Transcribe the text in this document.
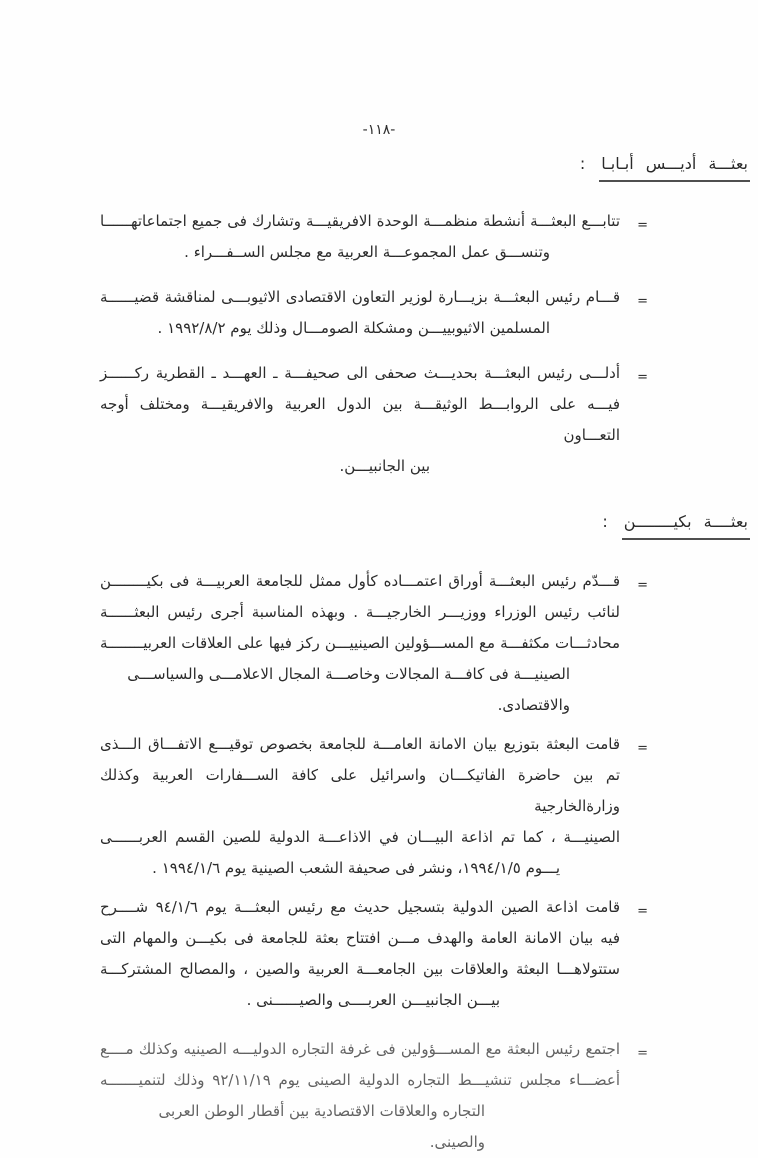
-١١٨-
بعثـــة أديـــس أبـابـا:
=
تتابـــع البعثـــة أنشطة منظمـــة الوحدة الافريقيـــة وتشارك فى جميع اجتماعاتهــــــا
وتنســـق عمل المجموعـــة العربية مع مجلس الســفـــراء .
=
قـــام رئيس البعثـــة بزيـــارة لوزير التعاون الاقتصادى الاثيوبـــى لمناقشة قضيــــــة
المسلمين الاثيوبييـــن ومشكلة الصومـــال وذلك يوم ١٩٩٢/٨/٢ .
=
أدلـــى رئيس البعثـــة بحديـــث صحفى الى صحيفـــة ـ العهـــد ـ القطرية ركــــــز
فيـــه على الروابـــط الوثيقـــة بين الدول العربية والافريقيـــة ومختلف أوجه التعـــاون
بين الجانبيـــن.
بعثــــة بكيــــــــن:
=
قـــدّم رئيس البعثـــة أوراق اعتمـــاده كأول ممثل للجامعة العربيـــة فى بكيــــــــن
لنائب رئيس الوزراء ووزيـــر الخارجيـــة . وبهذه المناسبة أجرى رئيس البعثــــــة
محادثـــات مكثفـــة مع المســـؤولين الصينييـــن ركز فيها على العلاقات العربيــــــــة
الصينيـــة فى كافـــة المجالات وخاصـــة المجال الاعلامـــى والسياســـى والاقتصادى.
=
قامت البعثة بتوزيع بيان الامانة العامـــة للجامعة بخصوص توقيـــع الاتفـــاق الـــذى
تم بين حاضرة الفاتيكـــان واسرائيل على كافة الســـفارات العربية وكذلك وزارةالخارجية
الصينيـــة ، كما تم اذاعة البيـــان في الاذاعـــة الدولية للصين القسم العربــــــى
يـــوم ١٩٩٤/١/٥، ونشر فى صحيفة الشعب الصينية يوم ١٩٩٤/١/٦ .
=
قامت اذاعة الصين الدولية بتسجيل حديث مع رئيس البعثـــة يوم ٩٤/١/٦ شــــرح
فيه بيان الامانة العامة والهدف مـــن افتتاح بعثة للجامعة فى بكيـــن والمهام التى
ستتولاهـــا البعثة والعلاقات بين الجامعـــة العربية والصين ، والمصالح المشتركـــة
بيـــن الجانبيـــن العربــــى والصيــــــنى .
=
اجتمع رئيس البعثة مع المســـؤولين فى غرفة التجاره الدوليـــه الصينيه وكذلك مــــع
أعضـــاء مجلس تنشيـــط التجاره الدولية الصينى يوم ٩٢/١١/١٩ وذلك لتنميـــــــه
التجاره والعلاقات الاقتصادية بين أقطار الوطن العربى والصينى.
